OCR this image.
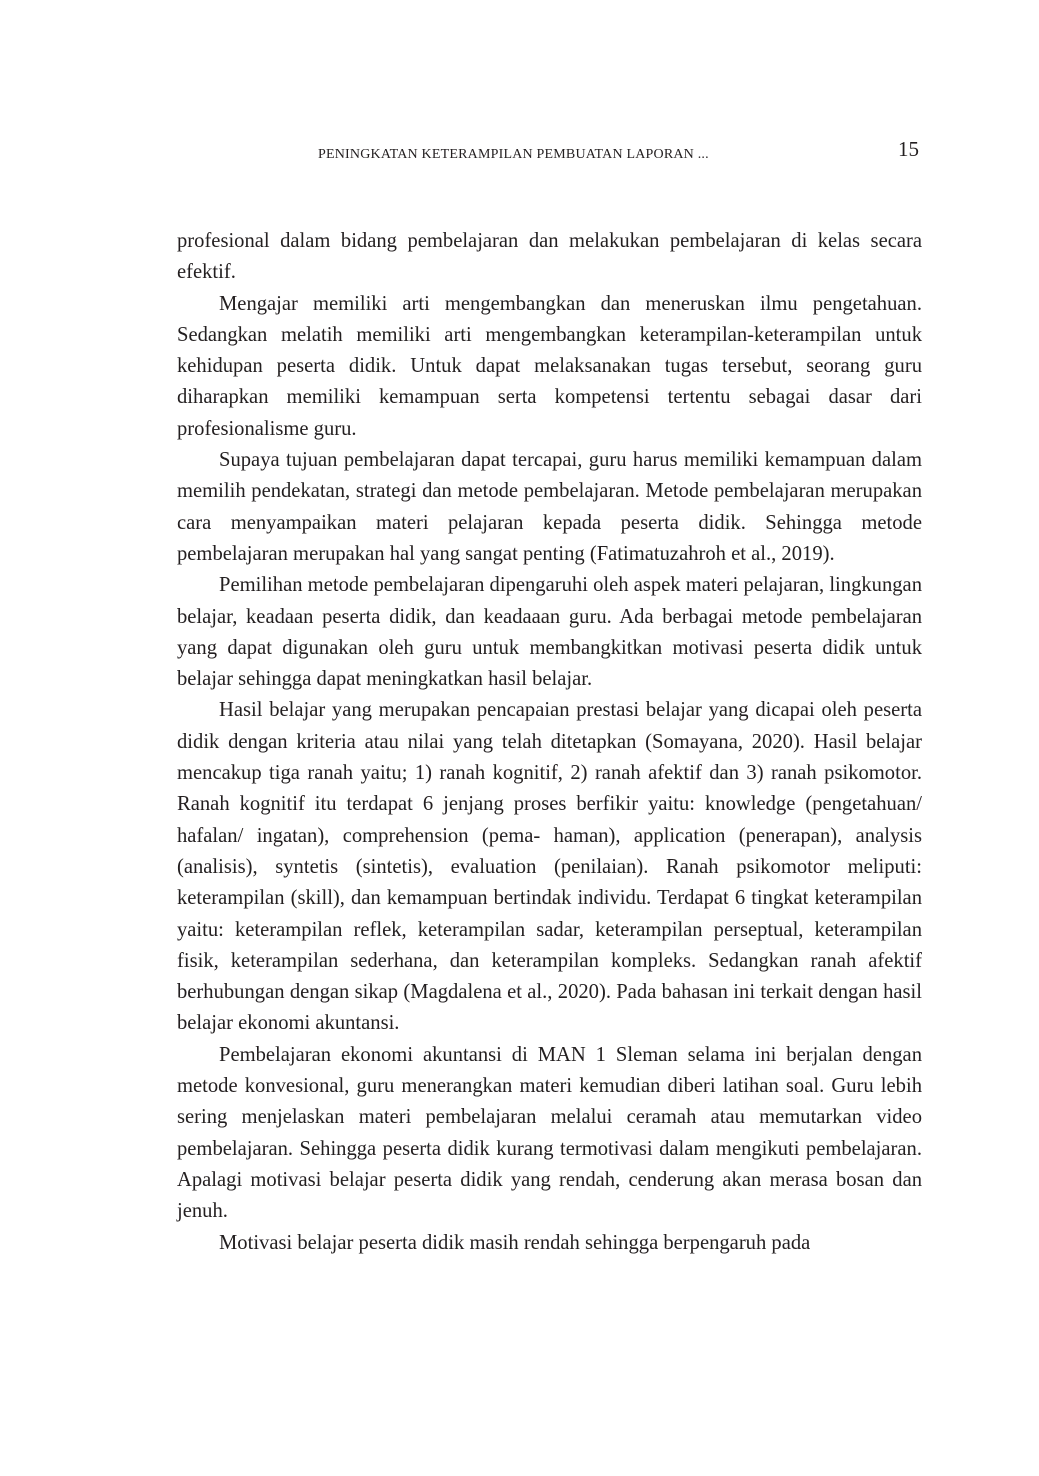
PENINGKATAN KETERAMPILAN PEMBUATAN LAPORAN ...	15

profesional dalam bidang pembelajaran dan melakukan pembelajaran di kelas secara efektif.

Mengajar memiliki arti mengembangkan dan meneruskan ilmu pengetahuan. Sedangkan melatih memiliki arti mengembangkan keterampilan-keterampilan untuk kehidupan peserta didik. Untuk dapat melaksanakan tugas tersebut, seorang guru diharapkan memiliki kemampuan serta kompetensi tertentu sebagai dasar dari profesionalisme guru.

Supaya tujuan pembelajaran dapat tercapai, guru harus memiliki kemampuan dalam memilih pendekatan, strategi dan metode pembelajaran. Metode pembelajaran merupakan cara menyampaikan materi pelajaran kepada peserta didik. Sehingga metode pembelajaran merupakan hal yang sangat penting (Fatimatuzahroh et al., 2019).

Pemilihan metode pembelajaran dipengaruhi oleh aspek materi pelajaran, lingkungan belajar, keadaan peserta didik, dan keadaaan guru. Ada berbagai metode pembelajaran yang dapat digunakan oleh guru untuk membangkitkan motivasi peserta didik untuk belajar sehingga dapat meningkatkan hasil belajar.

Hasil belajar yang merupakan pencapaian prestasi belajar yang dicapai oleh peserta didik dengan kriteria atau nilai yang telah ditetapkan (Somayana, 2020). Hasil belajar mencakup tiga ranah yaitu; 1) ranah kognitif, 2) ranah afektif dan 3) ranah psikomotor. Ranah kognitif itu terdapat 6 jenjang proses berfikir yaitu: knowledge (pengetahuan/ hafalan/ ingatan), comprehension (pema- haman), application (penerapan), analysis (analisis), syntetis (sintetis), evaluation (penilaian). Ranah psikomotor meliputi: keterampilan (skill), dan kemampuan bertindak individu. Terdapat 6 tingkat keterampilan yaitu: keterampilan reflek, keterampilan sadar, keterampilan perseptual, keterampilan fisik, keterampilan sederhana, dan keterampilan kompleks. Sedangkan ranah afektif berhubungan dengan sikap (Magdalena et al., 2020). Pada bahasan ini terkait dengan hasil belajar ekonomi akuntansi.

Pembelajaran ekonomi akuntansi di MAN 1 Sleman selama ini berjalan dengan metode konvesional, guru menerangkan materi kemudian diberi latihan soal. Guru lebih sering menjelaskan materi pembelajaran melalui ceramah atau memutarkan video pembelajaran. Sehingga peserta didik kurang termotivasi dalam mengikuti pembelajaran. Apalagi motivasi belajar peserta didik yang rendah, cenderung akan merasa bosan dan jenuh.

Motivasi belajar peserta didik masih rendah sehingga berpengaruh pada
